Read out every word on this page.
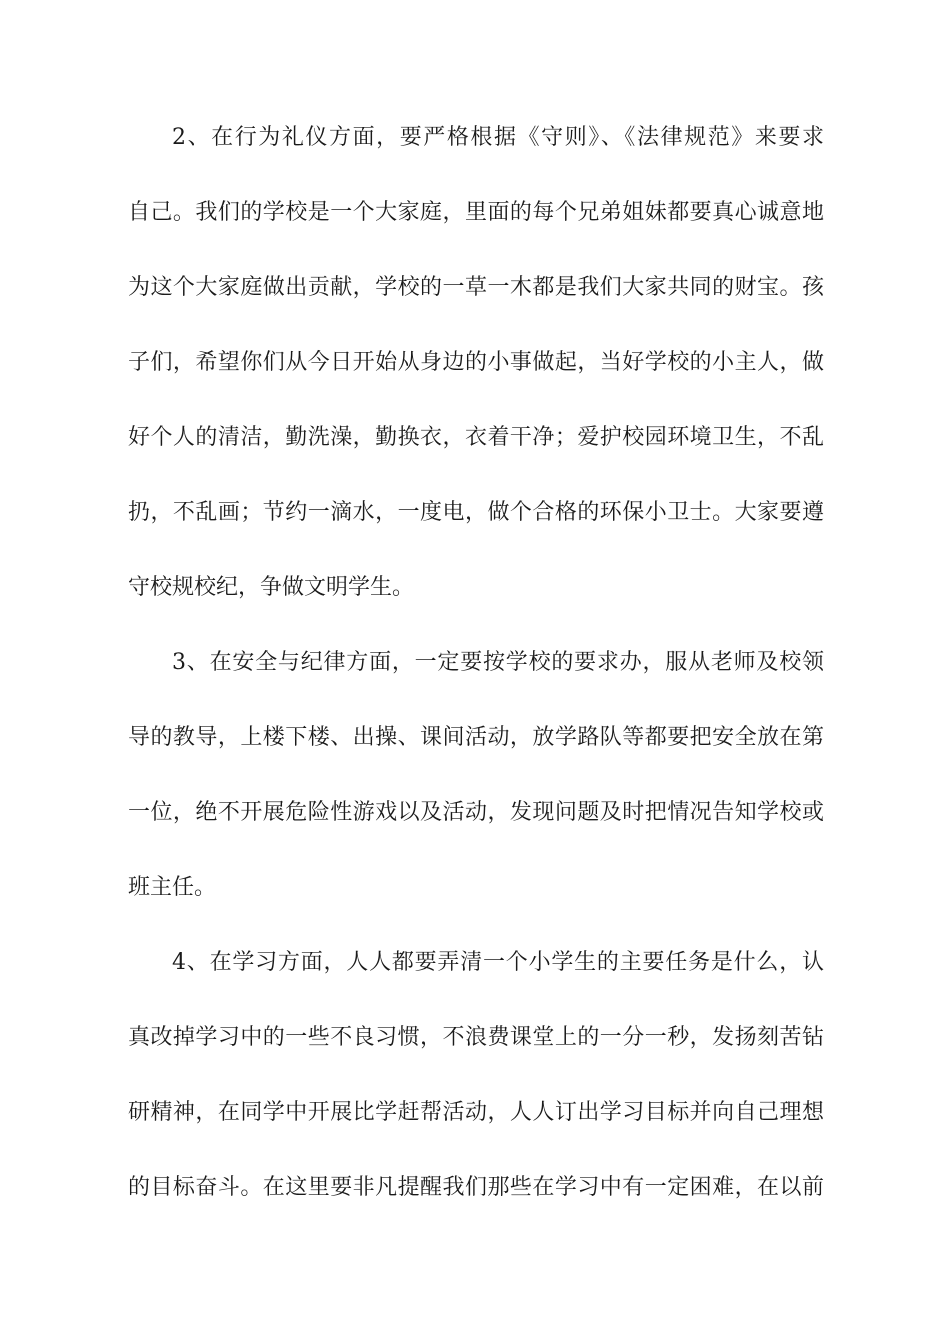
2、在行为礼仪方面，要严格根据《守则》、《法律规范》来要求
自己。我们的学校是一个大家庭，里面的每个兄弟姐妹都要真心诚意地
为这个大家庭做出贡献，学校的一草一木都是我们大家共同的财宝。孩
子们，希望你们从今日开始从身边的小事做起，当好学校的小主人，做
好个人的清洁，勤洗澡，勤换衣，衣着干净；爱护校园环境卫生，不乱
扔，不乱画；节约一滴水，一度电，做个合格的环保小卫士。大家要遵
守校规校纪，争做文明学生。
3、在安全与纪律方面，一定要按学校的要求办，服从老师及校领
导的教导，上楼下楼、出操、课间活动，放学路队等都要把安全放在第
一位，绝不开展危险性游戏以及活动，发现问题及时把情况告知学校或
班主任。
4、在学习方面，人人都要弄清一个小学生的主要任务是什么，认
真改掉学习中的一些不良习惯，不浪费课堂上的一分一秒，发扬刻苦钻
研精神，在同学中开展比学赶帮活动，人人订出学习目标并向自己理想
的目标奋斗。在这里要非凡提醒我们那些在学习中有一定困难，在以前
